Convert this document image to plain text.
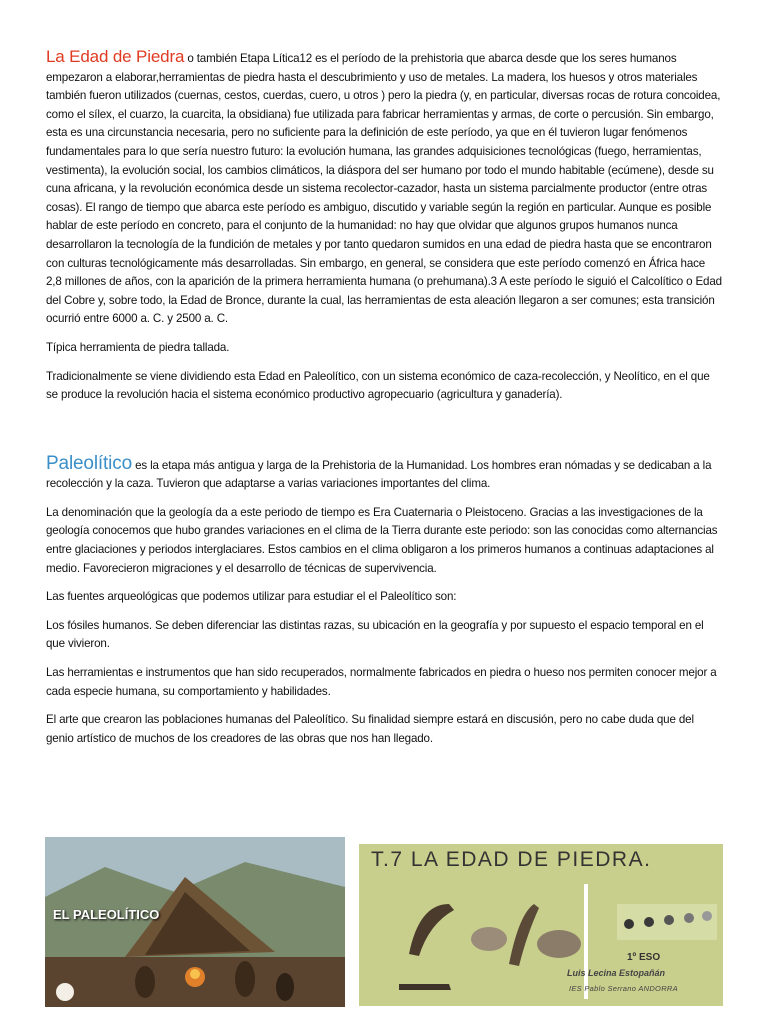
La Edad de Piedra o también Etapa Lítica12 es el período de la prehistoria que abarca desde que los seres humanos empezaron a elaborar,herramientas de piedra hasta el descubrimiento y uso de metales. La madera, los huesos y otros materiales también fueron utilizados (cuernas, cestos, cuerdas, cuero, u otros ) pero la piedra (y, en particular, diversas rocas de rotura concoidea, como el sílex, el cuarzo, la cuarcita, la obsidiana) fue utilizada para fabricar herramientas y armas, de corte o percusión. Sin embargo, esta es una circunstancia necesaria, pero no suficiente para la definición de este período, ya que en él tuvieron lugar fenómenos fundamentales para lo que sería nuestro futuro: la evolución humana, las grandes adquisiciones tecnológicas (fuego, herramientas, vestimenta), la evolución social, los cambios climáticos, la diáspora del ser humano por todo el mundo habitable (ecúmene), desde su cuna africana, y la revolución económica desde un sistema recolector-cazador, hasta un sistema parcialmente productor (entre otras cosas). El rango de tiempo que abarca este período es ambiguo, discutido y variable según la región en particular. Aunque es posible hablar de este período en concreto, para el conjunto de la humanidad: no hay que olvidar que algunos grupos humanos nunca desarrollaron la tecnología de la fundición de metales y por tanto quedaron sumidos en una edad de piedra hasta que se encontraron con culturas tecnológicamente más desarrolladas. Sin embargo, en general, se considera que este período comenzó en África hace 2,8 millones de años, con la aparición de la primera herramienta humana (o prehumana).3 A este período le siguió el Calcolítico o Edad del Cobre y, sobre todo, la Edad de Bronce, durante la cual, las herramientas de esta aleación llegaron a ser comunes; esta transición ocurrió entre 6000 a. C. y 2500 a. C.

Típica herramienta de piedra tallada.

Tradicionalmente se viene dividiendo esta Edad en Paleolítico, con un sistema económico de caza-recolección, y Neolítico, en el que se produce la revolución hacia el sistema económico productivo agropecuario (agricultura y ganadería).

Paleolítico es la etapa más antigua y larga de la Prehistoria de la Humanidad. Los hombres eran nómadas y se dedicaban a la recolección y la caza. Tuvieron que adaptarse a varias variaciones importantes del clima.

La denominación que la geología da a este periodo de tiempo es Era Cuaternaria o Pleistoceno. Gracias a las investigaciones de la geología conocemos que hubo grandes variaciones en el clima de la Tierra durante este periodo: son las conocidas como alternancias entre glaciaciones y periodos interglaciares. Estos cambios en el clima obligaron a los primeros humanos a continuas adaptaciones al medio. Favorecieron migraciones y el desarrollo de técnicas de supervivencia.

Las fuentes arqueológicas que podemos utilizar para estudiar el el Paleolítico son:

Los fósiles humanos. Se deben diferenciar las distintas razas, su ubicación en la geografía y por supuesto el espacio temporal en el que vivieron.

Las herramientas e instrumentos que han sido recuperados, normalmente fabricados en piedra o hueso nos permiten conocer mejor a cada especie humana, su comportamiento y habilidades.

El arte que crearon las poblaciones humanas del Paleolítico. Su finalidad siempre estará en discusión, pero no cabe duda que del genio artístico de muchos de los creadores de las obras que nos han llegado.

EL PALEOLÍTICO
T.7 LA EDAD DE PIEDRA.
1º ESO
Luis Lecina Estopañán
IES Pablo Serrano ANDORRA
